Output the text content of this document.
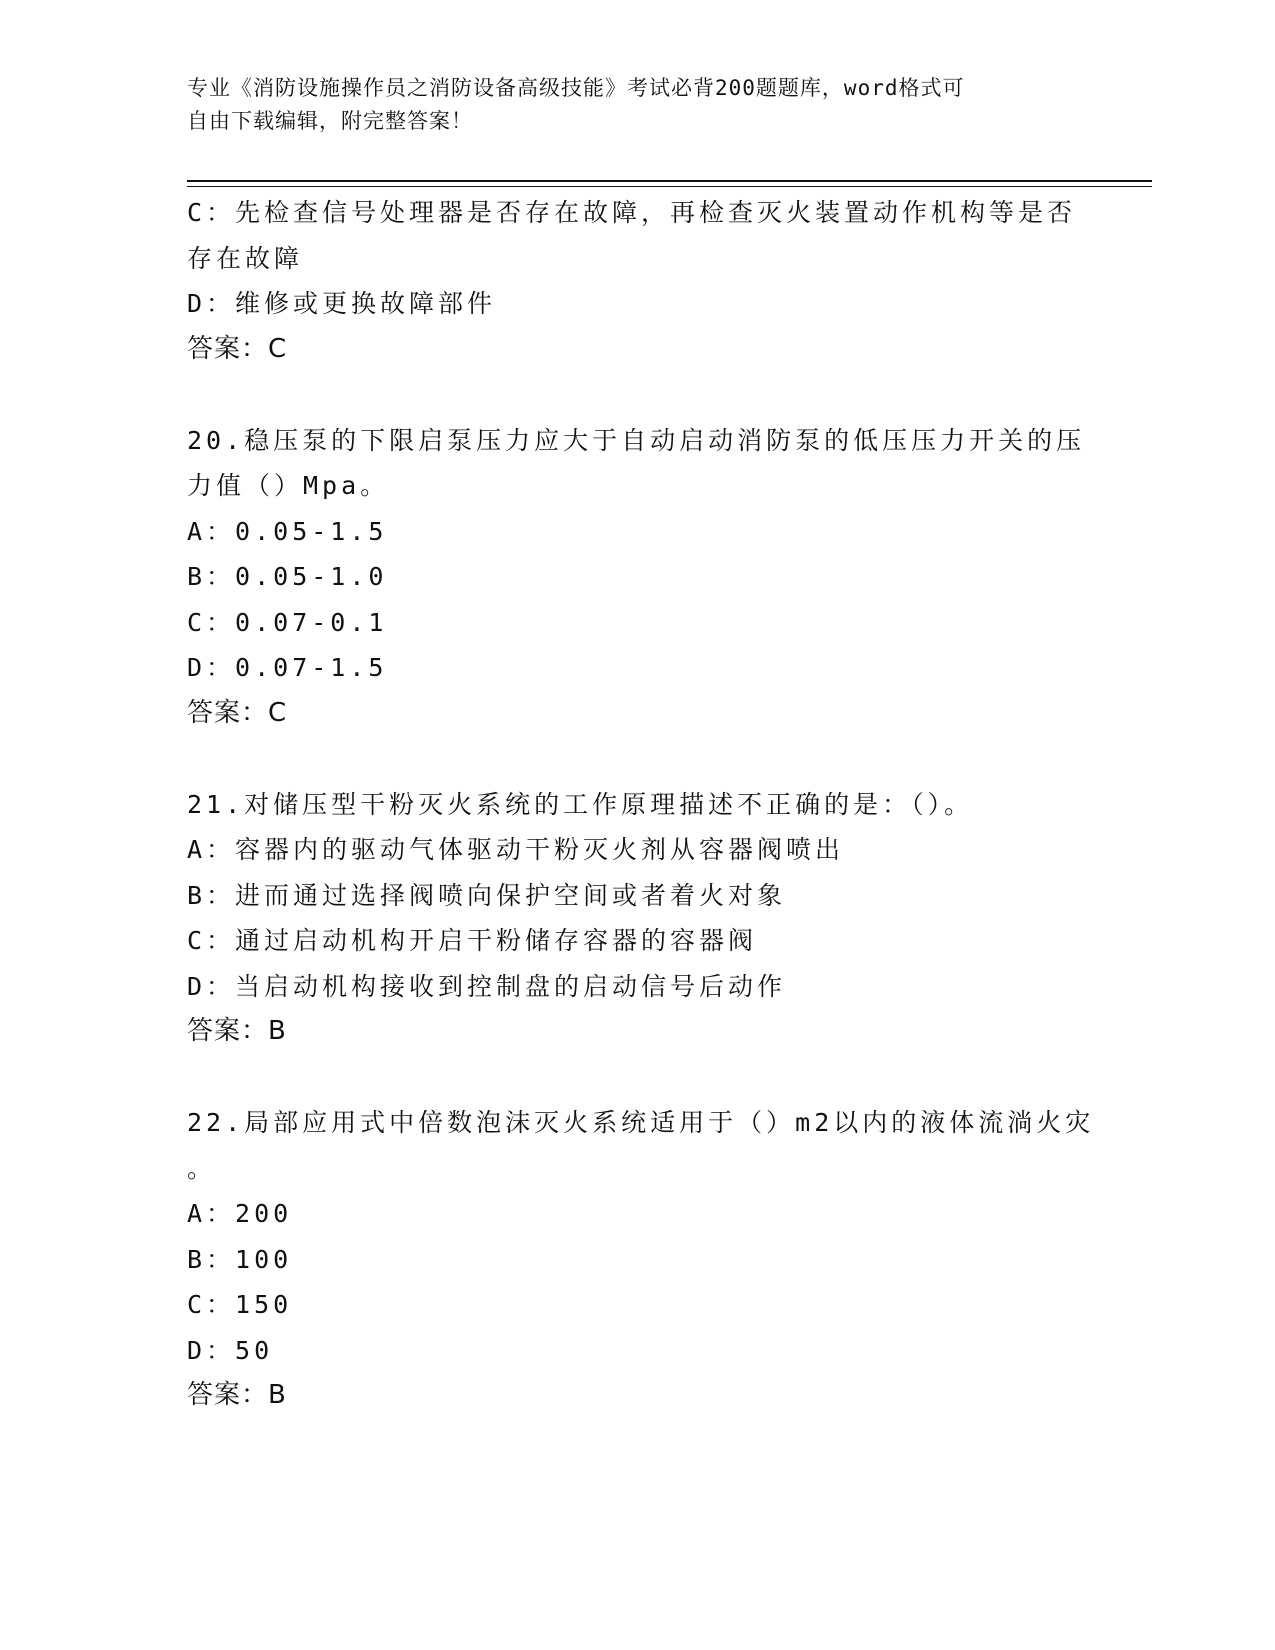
专业《消防设施操作员之消防设备高级技能》考试必背200题题库，word格式可
自由下载编辑，附完整答案！
C：先检查信号处理器是否存在故障，再检查灭火装置动作机构等是否
存在故障
D：维修或更换故障部件
答案：C
20.稳压泵的下限启泵压力应大于自动启动消防泵的低压压力开关的压
力值（）Mpa。
A：0.05-1.5
B：0.05-1.0
C：0.07-0.1
D：0.07-1.5
答案：C
21.对储压型干粉灭火系统的工作原理描述不正确的是：（）。
A：容器内的驱动气体驱动干粉灭火剂从容器阀喷出
B：进而通过选择阀喷向保护空间或者着火对象
C：通过启动机构开启干粉储存容器的容器阀
D：当启动机构接收到控制盘的启动信号后动作
答案：B
22.局部应用式中倍数泡沫灭火系统适用于（）m2以内的液体流淌火灾
。
A：200
B：100
C：150
D：50
答案：B
